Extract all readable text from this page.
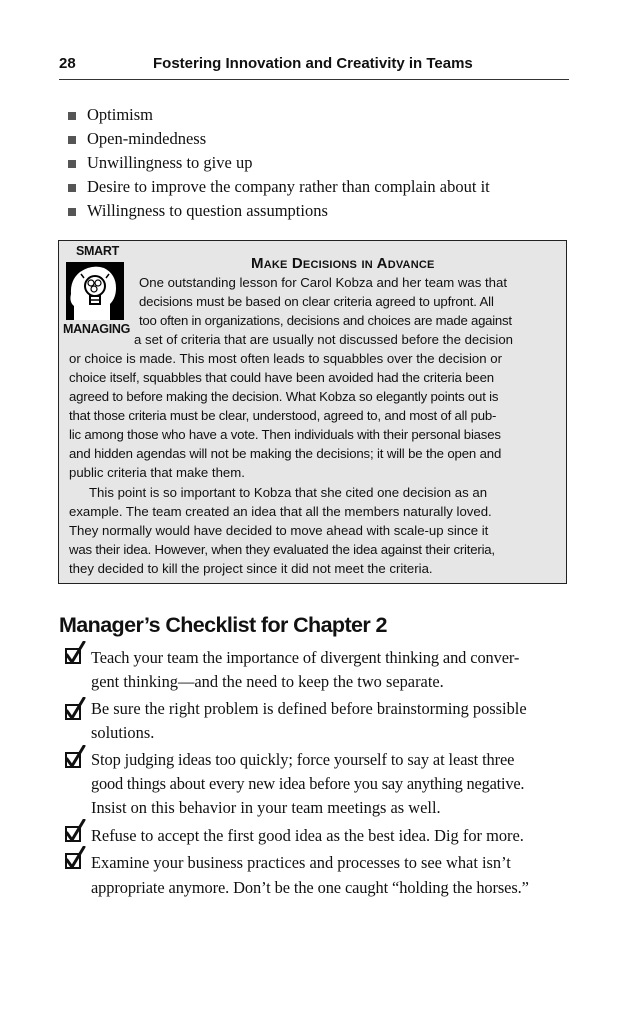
28	Fostering Innovation and Creativity in Teams
Optimism
Open-mindedness
Unwillingness to give up
Desire to improve the company rather than complain about it
Willingness to question assumptions
SMART
MANAGING
Make Decisions in Advance
One outstanding lesson for Carol Kobza and her team was that
decisions must be based on clear criteria agreed to upfront. All
too often in organizations, decisions and choices are made against
a set of criteria that are usually not discussed before the decision
or choice is made. This most often leads to squabbles over the decision or
choice itself, squabbles that could have been avoided had the criteria been
agreed to before making the decision. What Kobza so elegantly points out is
that those criteria must be clear, understood, agreed to, and most of all pub-
lic among those who have a vote. Then individuals with their personal biases
and hidden agendas will not be making the decisions; it will be the open and
public criteria that make them.
This point is so important to Kobza that she cited one decision as an
example. The team created an idea that all the members naturally loved.
They normally would have decided to move ahead with scale-up since it
was their idea. However, when they evaluated the idea against their criteria,
they decided to kill the project since it did not meet the criteria.
Manager’s Checklist for Chapter 2
Teach your team the importance of divergent thinking and conver-
gent thinking—and the need to keep the two separate.
Be sure the right problem is defined before brainstorming possible
solutions.
Stop judging ideas too quickly; force yourself to say at least three
good things about every new idea before you say anything negative.
Insist on this behavior in your team meetings as well.
Refuse to accept the first good idea as the best idea. Dig for more.
Examine your business practices and processes to see what isn’t
appropriate anymore. Don’t be the one caught “holding the horses.”
